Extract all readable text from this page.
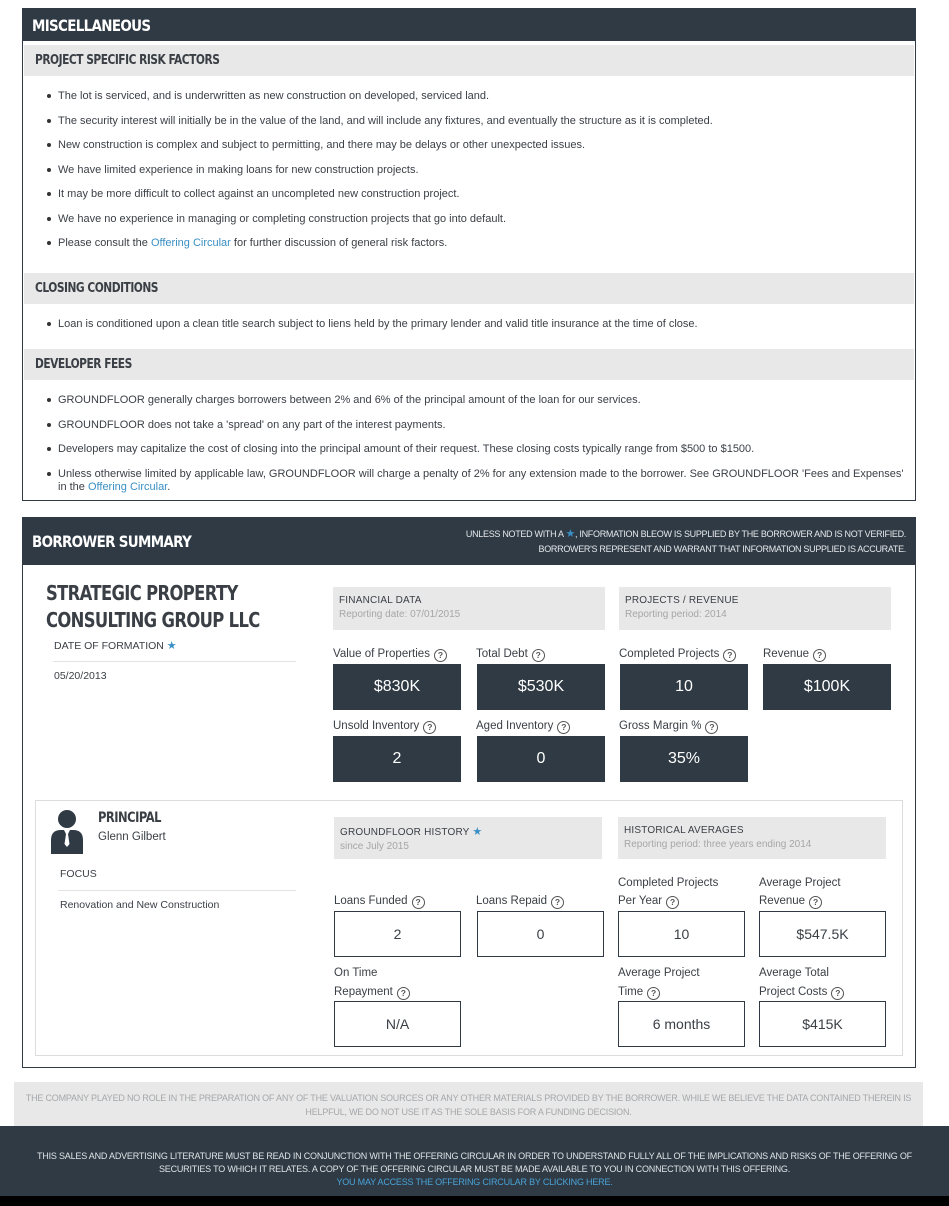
MISCELLANEOUS
PROJECT SPECIFIC RISK FACTORS
The lot is serviced, and is underwritten as new construction on developed, serviced land.
The security interest will initially be in the value of the land, and will include any fixtures, and eventually the structure as it is completed.
New construction is complex and subject to permitting, and there may be delays or other unexpected issues.
We have limited experience in making loans for new construction projects.
It may be more difficult to collect against an uncompleted new construction project.
We have no experience in managing or completing construction projects that go into default.
Please consult the Offering Circular for further discussion of general risk factors.
CLOSING CONDITIONS
Loan is conditioned upon a clean title search subject to liens held by the primary lender and valid title insurance at the time of close.
DEVELOPER FEES
GROUNDFLOOR generally charges borrowers between 2% and 6% of the principal amount of the loan for our services.
GROUNDFLOOR does not take a 'spread' on any part of the interest payments.
Developers may capitalize the cost of closing into the principal amount of their request. These closing costs typically range from $500 to $1500.
Unless otherwise limited by applicable law, GROUNDFLOOR will charge a penalty of 2% for any extension made to the borrower. See GROUNDFLOOR 'Fees and Expenses' in the Offering Circular.
BORROWER SUMMARY	UNLESS NOTED WITH A ★, INFORMATION BLEOW IS SUPPLIED BY THE BORROWER AND IS NOT VERIFIED.
BORROWER'S REPRESENT AND WARRANT THAT INFORMATION SUPPLIED IS ACCURATE.
STRATEGIC PROPERTY CONSULTING GROUP LLC
DATE OF FORMATION ★
05/20/2013
FINANCIAL DATA
Reporting date: 07/01/2015
PROJECTS / REVENUE
Reporting period: 2014
Value of Properties ?
$830K
Total Debt ?
$530K
Completed Projects ?
10
Revenue ?
$100K
Unsold Inventory ?
2
Aged Inventory ?
0
Gross Margin % ?
35%
PRINCIPAL
Glenn Gilbert
FOCUS
Renovation and New Construction
GROUNDFLOOR HISTORY ★
since July 2015
HISTORICAL AVERAGES
Reporting period: three years ending 2014
Loans Funded ?
2
Loans Repaid ?
0
On Time
Repayment ?
N/A
Completed Projects
Per Year ?
10
Average Project
Revenue ?
$547.5K
Average Project
Time ?
6 months
Average Total
Project Costs ?
$415K
THE COMPANY PLAYED NO ROLE IN THE PREPARATION OF ANY OF THE VALUATION SOURCES OR ANY OTHER MATERIALS PROVIDED BY THE BORROWER. WHILE WE BELIEVE THE DATA CONTAINED THEREIN IS HELPFUL, WE DO NOT USE IT AS THE SOLE BASIS FOR A FUNDING DECISION.
THIS SALES AND ADVERTISING LITERATURE MUST BE READ IN CONJUNCTION WITH THE OFFERING CIRCULAR IN ORDER TO UNDERSTAND FULLY ALL OF THE IMPLICATIONS AND RISKS OF THE OFFERING OF SECURITIES TO WHICH IT RELATES. A COPY OF THE OFFERING CIRCULAR MUST BE MADE AVAILABLE TO YOU IN CONNECTION WITH THIS OFFERING.
YOU MAY ACCESS THE OFFERING CIRCULAR BY CLICKING HERE.
